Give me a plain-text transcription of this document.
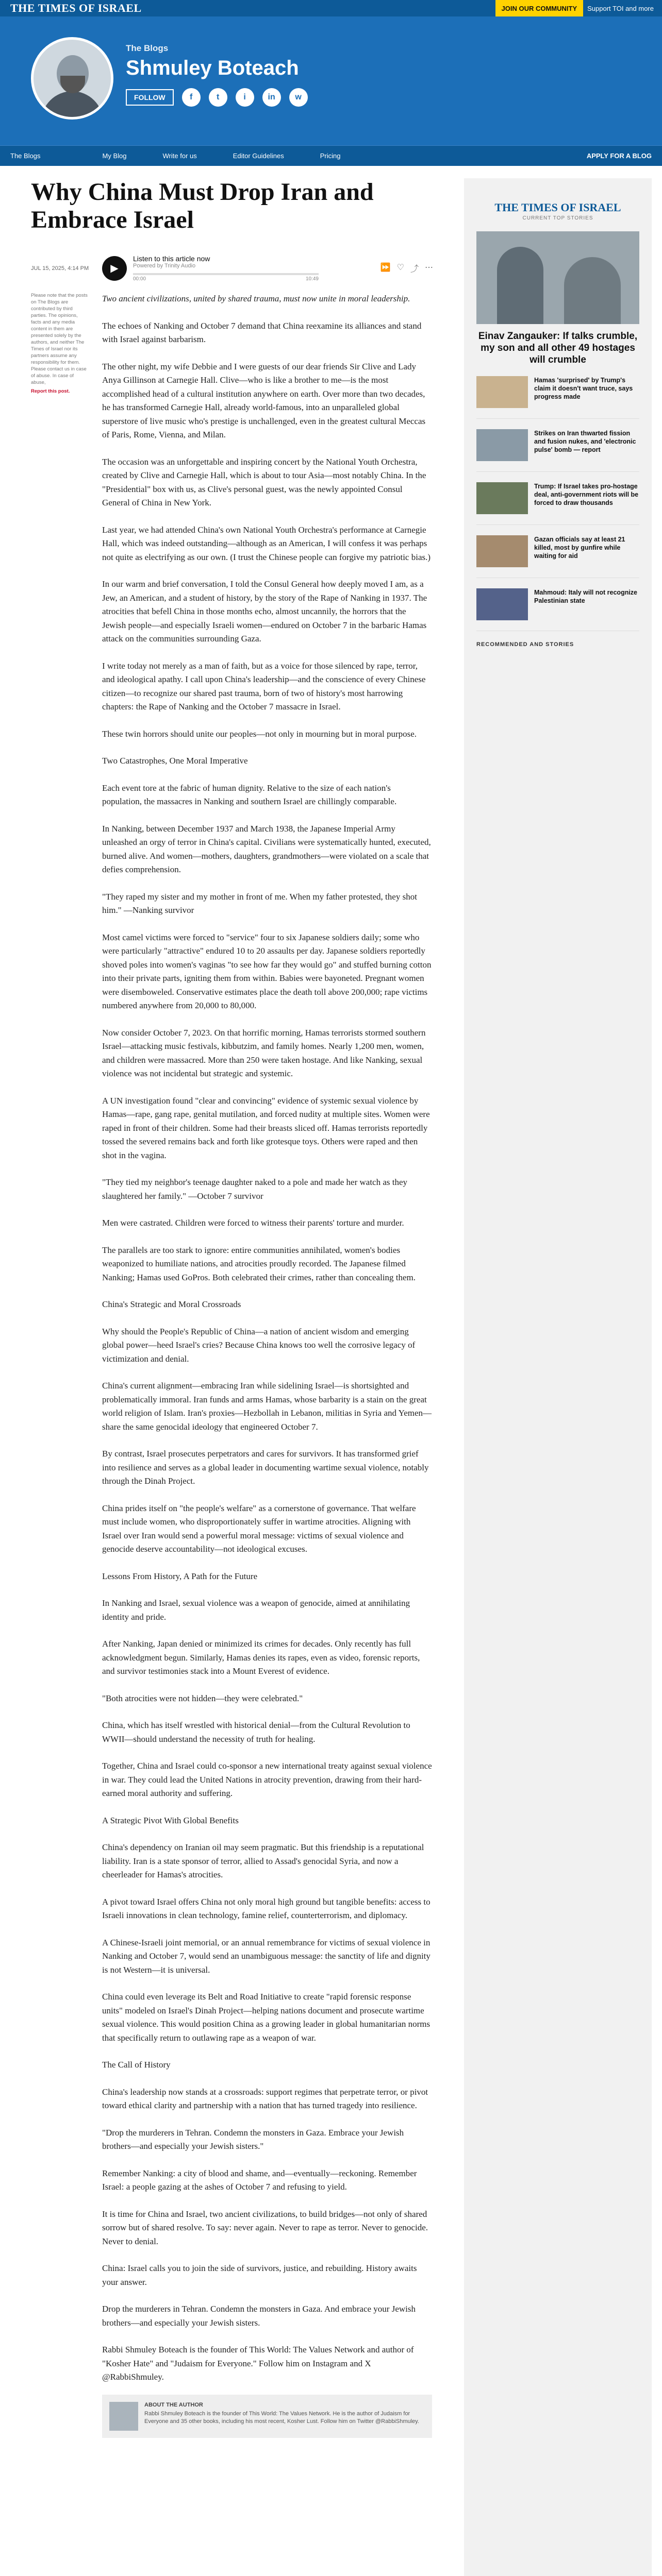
THE TIMES OF ISRAEL	JOIN OUR COMMUNITY	Support TOI and more
The Blogs
Shmuley Boteach
FOLLOW	f	t	i	in	w
The Blogs	My Blog	Write for us	Editor Guidelines	Pricing	APPLY FOR A BLOG
Why China Must Drop Iran and Embrace Israel
JUL 15, 2025, 4:14 PM	▶
Listen to this article now
Powered by Trinity Audio
00:00	10:49
⏩ ♡ ⤴ ⋯
Please note that the posts on The Blogs are contributed by third parties. The opinions, facts and any media content in them are presented solely by the authors, and neither The Times of Israel nor its partners assume any responsibility for them. Please contact us in case of abuse. In case of abuse,
Report this post.

Two ancient civilizations, united by shared trauma, must now unite in moral leadership.

The echoes of Nanking and October 7 demand that China reexamine its alliances and stand with Israel against barbarism.

The other night, my wife Debbie and I were guests of our dear friends Sir Clive and Lady Anya Gillinson at Carnegie Hall. Clive—who is like a brother to me—is the most accomplished head of a cultural institution anywhere on earth. Over more than two decades, he has transformed Carnegie Hall, already world-famous, into an unparalleled global superstore of live music who's prestige is unchallenged, even in the greatest cultural Meccas of Paris, Rome, Vienna, and Milan.

The occasion was an unforgettable and inspiring concert by the National Youth Orchestra, created by Clive and Carnegie Hall, which is about to tour Asia—most notably China. In the "Presidential" box with us, as Clive's personal guest, was the newly appointed Consul General of China in New York.

Last year, we had attended China's own National Youth Orchestra's performance at Carnegie Hall, which was indeed outstanding—although as an American, I will confess it was perhaps not quite as electrifying as our own. (I trust the Chinese people can forgive my patriotic bias.)

In our warm and brief conversation, I told the Consul General how deeply moved I am, as a Jew, an American, and a student of history, by the story of the Rape of Nanking in 1937. The atrocities that befell China in those months echo, almost uncannily, the horrors that the Jewish people—and especially Israeli women—endured on October 7 in the barbaric Hamas attack on the communities surrounding Gaza.

I write today not merely as a man of faith, but as a voice for those silenced by rape, terror, and ideological apathy. I call upon China's leadership—and the conscience of every Chinese citizen—to recognize our shared past trauma, born of two of history's most harrowing chapters: the Rape of Nanking and the October 7 massacre in Israel.

These twin horrors should unite our peoples—not only in mourning but in moral purpose.

Two Catastrophes, One Moral Imperative

Each event tore at the fabric of human dignity. Relative to the size of each nation's population, the massacres in Nanking and southern Israel are chillingly comparable.

In Nanking, between December 1937 and March 1938, the Japanese Imperial Army unleashed an orgy of terror in China's capital. Civilians were systematically hunted, executed, burned alive. And women—mothers, daughters, grandmothers—were violated on a scale that defies comprehension.

"They raped my sister and my mother in front of me. When my father protested, they shot him." —Nanking survivor

Most camel victims were forced to "service" four to six Japanese soldiers daily; some who were particularly "attractive" endured 10 to 20 assaults per day. Japanese soldiers reportedly shoved poles into women's vaginas "to see how far they would go" and stuffed burning cotton into their private parts, igniting them from within. Babies were bayoneted. Pregnant women were disemboweled. Conservative estimates place the death toll above 200,000; rape victims numbered anywhere from 20,000 to 80,000.

Now consider October 7, 2023. On that horrific morning, Hamas terrorists stormed southern Israel—attacking music festivals, kibbutzim, and family homes. Nearly 1,200 men, women, and children were massacred. More than 250 were taken hostage. And like Nanking, sexual violence was not incidental but strategic and systemic.

A UN investigation found "clear and convincing" evidence of systemic sexual violence by Hamas—rape, gang rape, genital mutilation, and forced nudity at multiple sites. Women were raped in front of their children. Some had their breasts sliced off. Hamas terrorists reportedly tossed the severed remains back and forth like grotesque toys. Others were raped and then shot in the vagina.

"They tied my neighbor's teenage daughter naked to a pole and made her watch as they slaughtered her family." —October 7 survivor

Men were castrated. Children were forced to witness their parents' torture and murder.

The parallels are too stark to ignore: entire communities annihilated, women's bodies weaponized to humiliate nations, and atrocities proudly recorded. The Japanese filmed Nanking; Hamas used GoPros. Both celebrated their crimes, rather than concealing them.

China's Strategic and Moral Crossroads

Why should the People's Republic of China—a nation of ancient wisdom and emerging global power—heed Israel's cries? Because China knows too well the corrosive legacy of victimization and denial.

China's current alignment—embracing Iran while sidelining Israel—is shortsighted and problematically immoral. Iran funds and arms Hamas, whose barbarity is a stain on the great world religion of Islam. Iran's proxies—Hezbollah in Lebanon, militias in Syria and Yemen—share the same genocidal ideology that engineered October 7.

By contrast, Israel prosecutes perpetrators and cares for survivors. It has transformed grief into resilience and serves as a global leader in documenting wartime sexual violence, notably through the Dinah Project.

China prides itself on "the people's welfare" as a cornerstone of governance. That welfare must include women, who disproportionately suffer in wartime atrocities. Aligning with Israel over Iran would send a powerful moral message: victims of sexual violence and genocide deserve accountability—not ideological excuses.

Lessons From History, A Path for the Future

In Nanking and Israel, sexual violence was a weapon of genocide, aimed at annihilating identity and pride.

After Nanking, Japan denied or minimized its crimes for decades. Only recently has full acknowledgment begun. Similarly, Hamas denies its rapes, even as video, forensic reports, and survivor testimonies stack into a Mount Everest of evidence.

"Both atrocities were not hidden—they were celebrated."

China, which has itself wrestled with historical denial—from the Cultural Revolution to WWII—should understand the necessity of truth for healing.

Together, China and Israel could co-sponsor a new international treaty against sexual violence in war. They could lead the United Nations in atrocity prevention, drawing from their hard-earned moral authority and suffering.

A Strategic Pivot With Global Benefits

China's dependency on Iranian oil may seem pragmatic. But this friendship is a reputational liability. Iran is a state sponsor of terror, allied to Assad's genocidal Syria, and now a cheerleader for Hamas's atrocities.

A pivot toward Israel offers China not only moral high ground but tangible benefits: access to Israeli innovations in clean technology, famine relief, counterterrorism, and diplomacy.

A Chinese-Israeli joint memorial, or an annual remembrance for victims of sexual violence in Nanking and October 7, would send an unambiguous message: the sanctity of life and dignity is not Western—it is universal.

China could even leverage its Belt and Road Initiative to create "rapid forensic response units" modeled on Israel's Dinah Project—helping nations document and prosecute wartime sexual violence. This would position China as a growing leader in global humanitarian norms that specifically return to outlawing rape as a weapon of war.

The Call of History

China's leadership now stands at a crossroads: support regimes that perpetrate terror, or pivot toward ethical clarity and partnership with a nation that has turned tragedy into resilience.

"Drop the murderers in Tehran. Condemn the monsters in Gaza. Embrace your Jewish brothers—and especially your Jewish sisters."

Remember Nanking: a city of blood and shame, and—eventually—reckoning. Remember Israel: a people gazing at the ashes of October 7 and refusing to yield.

It is time for China and Israel, two ancient civilizations, to build bridges—not only of shared sorrow but of shared resolve. To say: never again. Never to rape as terror. Never to genocide. Never to denial.

China: Israel calls you to join the side of survivors, justice, and rebuilding. History awaits your answer.

Drop the murderers in Tehran. Condemn the monsters in Gaza. And embrace your Jewish brothers—and especially your Jewish sisters.

Rabbi Shmuley Boteach is the founder of This World: The Values Network and author of "Kosher Hate" and "Judaism for Everyone." Follow him on Instagram and X @RabbiShmuley.

ABOUT THE AUTHOR
Rabbi Shmuley Boteach is the founder of This World: The Values Network. He is the author of Judaism for Everyone and 35 other books, including his most recent, Kosher Lust. Follow him on Twitter @RabbiShmuley.
THE TIMES OF ISRAEL
CURRENT TOP STORIES
Einav Zangauker: If talks crumble, my son and all other 49 hostages will crumble
Hamas 'surprised' by Trump's claim it doesn't want truce, says progress made
Strikes on Iran thwarted fission and fusion nukes, and 'electronic pulse' bomb — report
Trump: If Israel takes pro-hostage deal, anti-government riots will be forced to draw thousands
Gazan officials say at least 21 killed, most by gunfire while waiting for aid
Mahmoud: Italy will not recognize Palestinian state
RECOMMENDED AND STORIES
